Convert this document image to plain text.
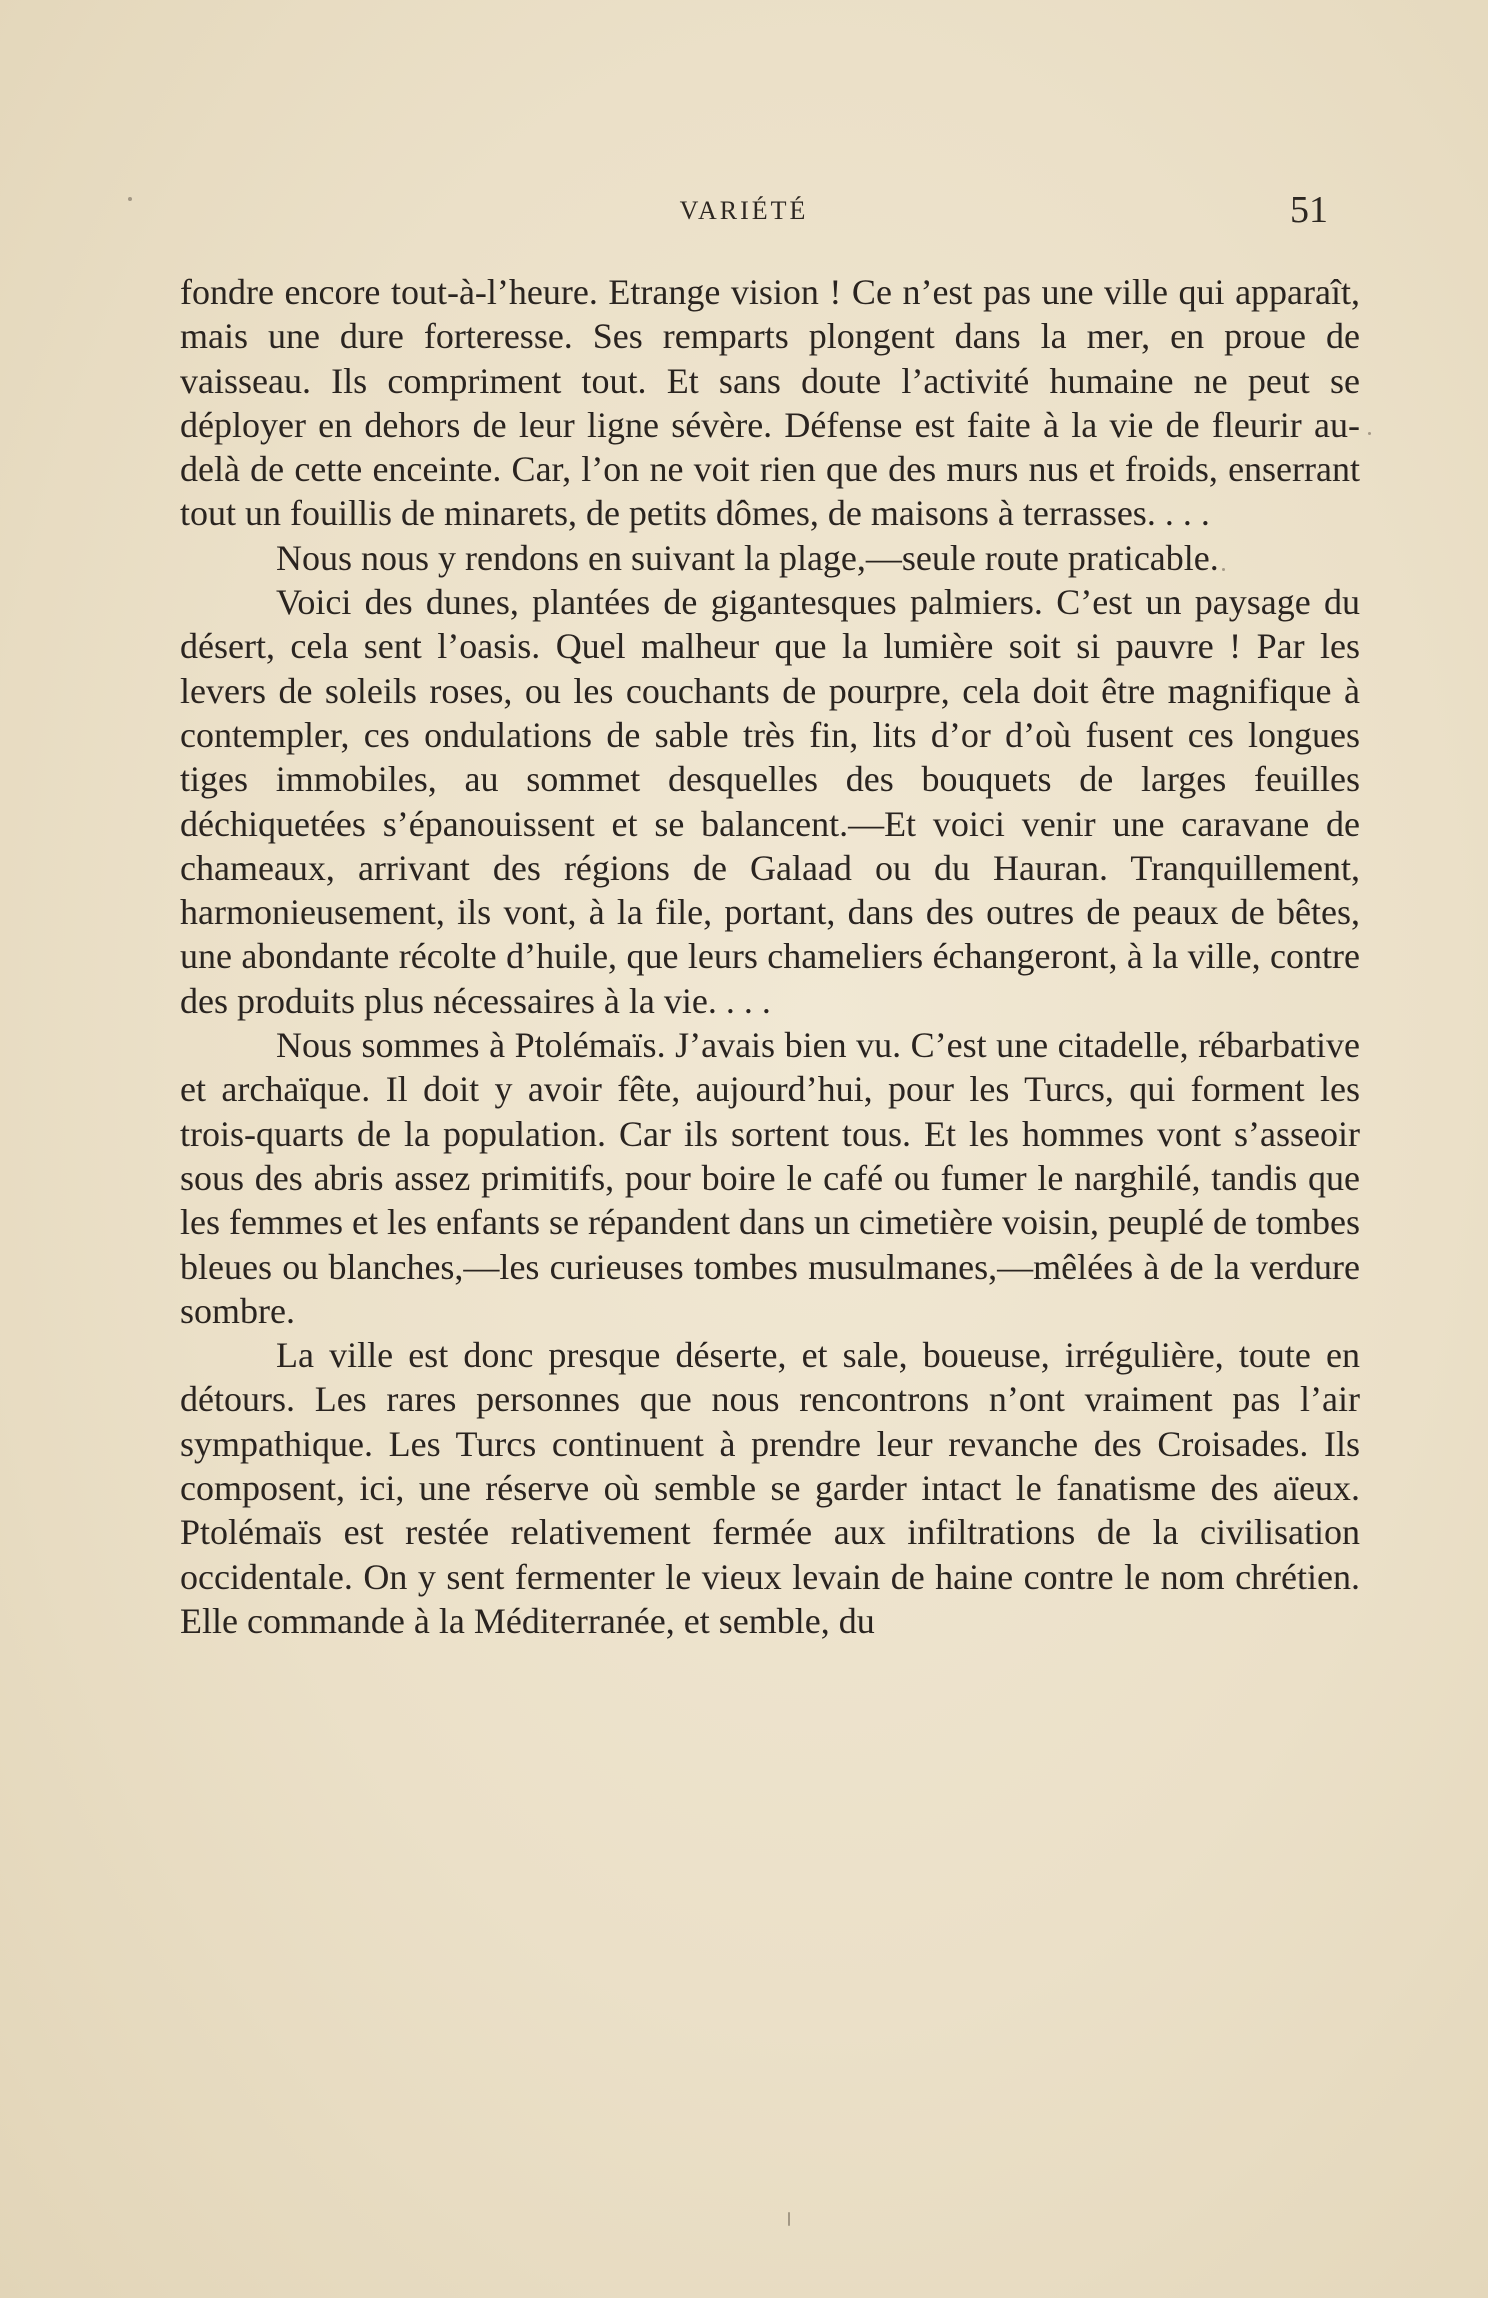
VARIÉTÉ	51

fondre encore tout-à-l’heure. Etrange vision ! Ce n’est pas une ville qui apparaît, mais une dure forteresse. Ses remparts plongent dans la mer, en proue de vaisseau. Ils compriment tout. Et sans doute l’activité humaine ne peut se déployer en dehors de leur ligne sévère. Défense est faite à la vie de fleurir au-delà de cette enceinte. Car, l’on ne voit rien que des murs nus et froids, enserrant tout un fouillis de minarets, de petits dômes, de maisons à terrasses. . . .

Nous nous y rendons en suivant la plage,—seule route praticable.

Voici des dunes, plantées de gigantesques palmiers. C’est un paysage du désert, cela sent l’oasis. Quel malheur que la lumière soit si pauvre ! Par les levers de soleils roses, ou les couchants de pourpre, cela doit être magnifique à contempler, ces ondulations de sable très fin, lits d’or d’où fusent ces longues tiges immobiles, au sommet desquelles des bouquets de larges feuilles déchiquetées s’épanouissent et se balancent.—Et voici venir une caravane de chameaux, arrivant des régions de Galaad ou du Hauran. Tranquillement, harmonieusement, ils vont, à la file, portant, dans des outres de peaux de bêtes, une abondante récolte d’huile, que leurs chameliers échangeront, à la ville, contre des produits plus nécessaires à la vie. . . .

Nous sommes à Ptolémaïs. J’avais bien vu. C’est une citadelle, rébarbative et archaïque. Il doit y avoir fête, aujourd’hui, pour les Turcs, qui forment les trois-quarts de la population. Car ils sortent tous. Et les hommes vont s’asseoir sous des abris assez primitifs, pour boire le café ou fumer le narghilé, tandis que les femmes et les enfants se répandent dans un cimetière voisin, peuplé de tombes bleues ou blanches,—les curieuses tombes musulmanes,—mêlées à de la verdure sombre.

La ville est donc presque déserte, et sale, boueuse, irrégulière, toute en détours. Les rares personnes que nous rencontrons n’ont vraiment pas l’air sympathique. Les Turcs continuent à prendre leur revanche des Croisades. Ils composent, ici, une réserve où semble se garder intact le fanatisme des aïeux. Ptolémaïs est restée relativement fermée aux infiltrations de la civilisation occidentale. On y sent fermenter le vieux levain de haine contre le nom chrétien. Elle commande à la Méditerranée, et semble, du
